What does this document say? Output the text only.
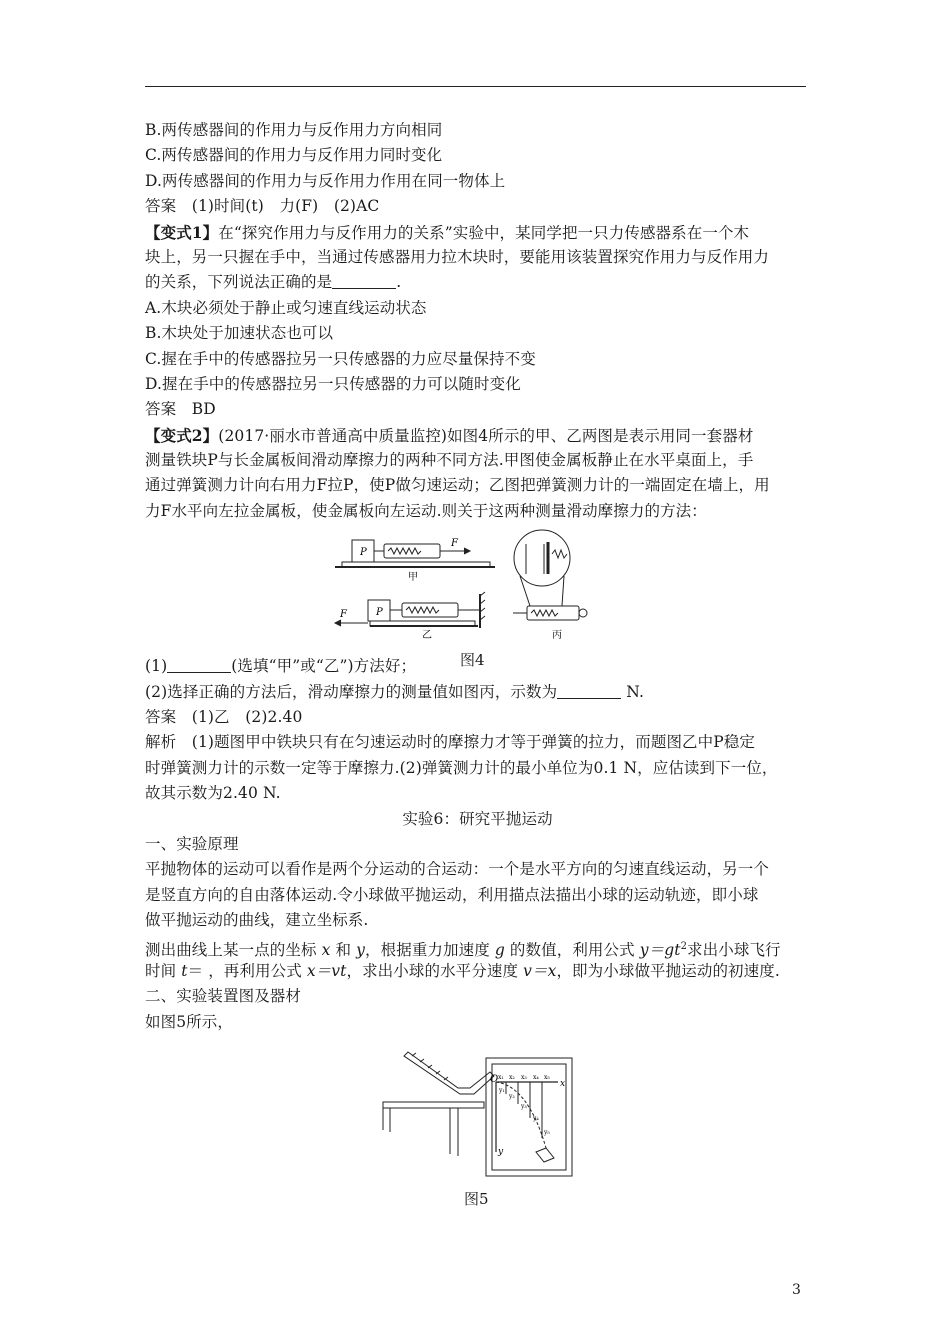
B.两传感器间的作用力与反作用力方向相同
C.两传感器间的作用力与反作用力同时变化
D.两传感器间的作用力与反作用力作用在同一物体上
答案　(1)时间(t)　力(F)　(2)AC
【变式1】在“探究作用力与反作用力的关系”实验中，某同学把一只力传感器系在一个木
块上，另一只握在手中，当通过传感器用力拉木块时，要能用该装置探究作用力与反作用力
的关系，下列说法正确的是	.
A.木块必须处于静止或匀速直线运动状态
B.木块处于加速状态也可以
C.握在手中的传感器拉另一只传感器的力应尽量保持不变
D.握在手中的传感器拉另一只传感器的力可以随时变化
答案　BD
【变式2】(2017·丽水市普通高中质量监控)如图4所示的甲、乙两图是表示用同一套器材
测量铁块P与长金属板间滑动摩擦力的两种不同方法.甲图使金属板静止在水平桌面上，手
通过弹簧测力计向右用力F拉P，使P做匀速运动；乙图把弹簧测力计的一端固定在墙上，用
力F水平向左拉金属板，使金属板向左运动.则关于这两种测量滑动摩擦力的方法：
(1)	(选填“甲”或“乙”)方法好；
(2)选择正确的方法后，滑动摩擦力的测量值如图丙，示数为	N.
答案　(1)乙　(2)2.40
解析　(1)题图甲中铁块只有在匀速运动时的摩擦力才等于弹簧的拉力，而题图乙中P稳定
时弹簧测力计的示数一定等于摩擦力.(2)弹簧测力计的最小单位为0.1 N，应估读到下一位，
故其示数为2.40 N.
实验6：研究平抛运动
一、实验原理
平抛物体的运动可以看作是两个分运动的合运动：一个是水平方向的匀速直线运动，另一个
是竖直方向的自由落体运动.令小球做平抛运动，利用描点法描出小球的运动轨迹，即小球
做平抛运动的曲线，建立坐标系.
测出曲线上某一点的坐标 x 和 y，根据重力加速度 g 的数值，利用公式 $y=gt^2$求出小球飞行
时间 t＝ ，再利用公式 x＝vt，求出小球的水平分速度 v＝x，即为小球做平抛运动的初速度.
二、实验装置图及器材
如图5所示，
P
F
甲
P
F
乙	丙
图4
O	x
y
x₁ x₂ x₃ x₄ x₅
y₁
y₂
y₃
y₄
y₅
图5
3
